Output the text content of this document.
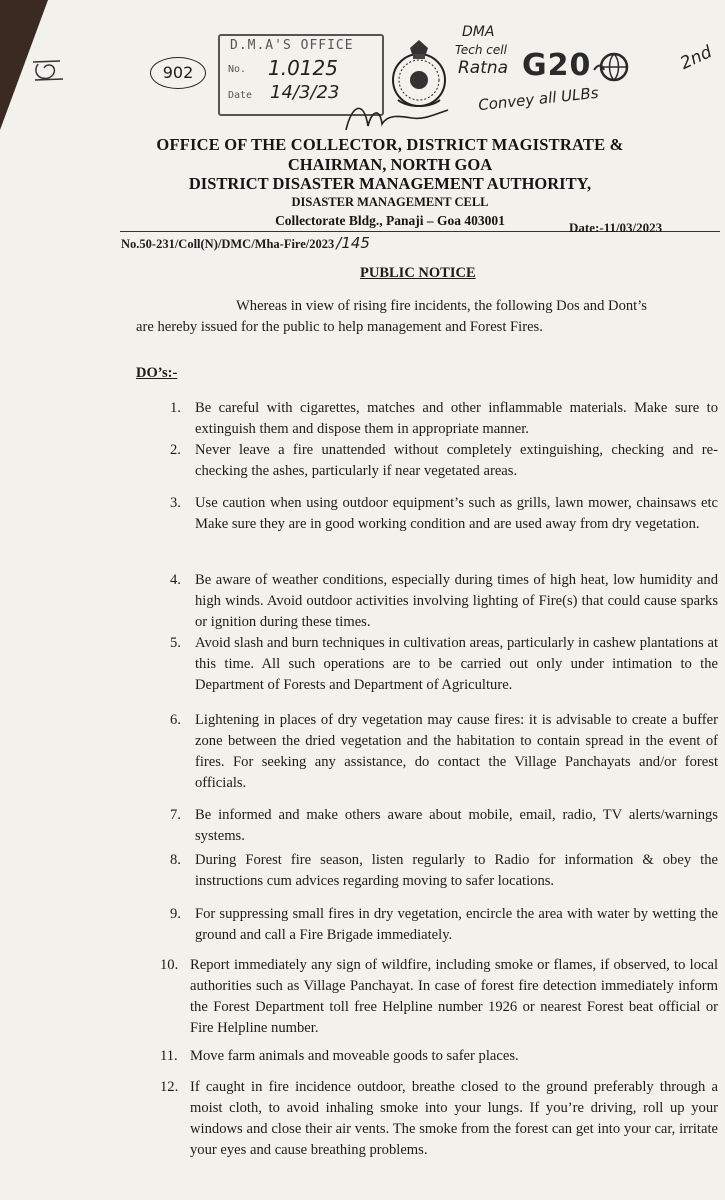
902
D.M.A'S OFFICE
No. 1.0125
Date 14/3/23
DMA
Tech cell
Ratna
Convey all ULBs
2nd
G20
OFFICE OF THE COLLECTOR, DISTRICT MAGISTRATE &
CHAIRMAN, NORTH GOA
DISTRICT DISASTER MANAGEMENT AUTHORITY,
DISASTER MANAGEMENT CELL
Collectorate Bldg., Panaji – Goa 403001
No.50-231/Coll(N)/DMC/Mha-Fire/2023 /145
Date:-11/03/2023
PUBLIC NOTICE
Whereas in view of rising fire incidents, the following Dos and Dont’s
are hereby issued for the public to help management and Forest Fires.
DO’s:-
1. Be careful with cigarettes, matches and other inflammable materials. Make sure to extinguish them and dispose them in appropriate manner.
2. Never leave a fire unattended without completely extinguishing, checking and re-checking the ashes, particularly if near vegetated areas.
3. Use caution when using outdoor equipment’s such as grills, lawn mower, chainsaws etc Make sure they are in good working condition and are used away from dry vegetation.
4. Be aware of weather conditions, especially during times of high heat, low humidity and high winds. Avoid outdoor activities involving lighting of Fire(s) that could cause sparks or ignition during these times.
5. Avoid slash and burn techniques in cultivation areas, particularly in cashew plantations at this time. All such operations are to be carried out only under intimation to the Department of Forests and Department of Agriculture.
6. Lightening in places of dry vegetation may cause fires: it is advisable to create a buffer zone between the dried vegetation and the habitation to contain spread in the event of fires. For seeking any assistance, do contact the Village Panchayats and/or forest officials.
7. Be informed and make others aware about mobile, email, radio, TV alerts/warnings systems.
8. During Forest fire season, listen regularly to Radio for information & obey the instructions cum advices regarding moving to safer locations.
9. For suppressing small fires in dry vegetation, encircle the area with water by wetting the ground and call a Fire Brigade immediately.
10. Report immediately any sign of wildfire, including smoke or flames, if observed, to local authorities such as Village Panchayat. In case of forest fire detection immediately inform the Forest Department toll free Helpline number 1926 or nearest Forest beat official or Fire Helpline number.
11. Move farm animals and moveable goods to safer places.
12. If caught in fire incidence outdoor, breathe closed to the ground preferably through a moist cloth, to avoid inhaling smoke into your lungs. If you’re driving, roll up your windows and close their air vents. The smoke from the forest can get into your car, irritate your eyes and cause breathing problems.
